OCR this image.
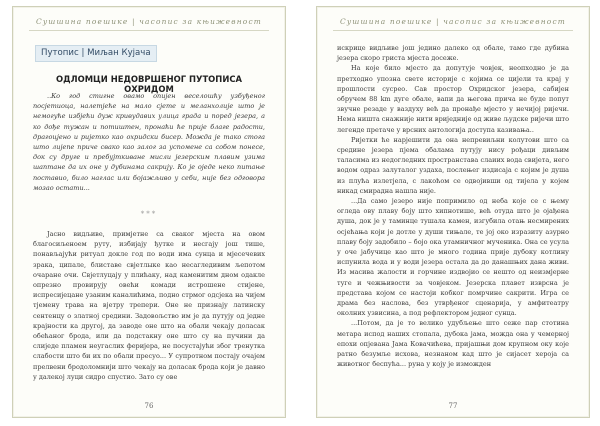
Сушшина поешике | часопис за књижевност
Путопис | Миљан Кујача
ОДЛОМЦИ НЕДОВРШЕНОГ ПУТОПИСА ОХРИДОМ

..Ко год стигне овамо опијен веселошћу узбуђеног посјетиоца, налетјеће на мало сјете и меланхолије што је немогуће избјећи дуж кривудавих улица града и поред језера, а ко дође тужан и потиштен, пронаћи ће прије благе радости, драгоцјено и ријетко као охридски бисер. Можда је тако стога што лијепе приче свако као залог за успомене са собом понесе, док су друге и пребујткиване мисли језерским плавим узима шаптане да их оне у дубинама сакрију. Ко је оједе неко питање поставио, било наглас или бојажљиво у себи, није без одговора мозао остати...

***

Јасно видљиве, примјетне са сваког мјеста на овом благосиљеноем руту, избијају ђутке и несгају још тише, понављајући ритуал докле год по води има сунца и мјесечевих зрака, ципале, блиставе свјетлыке као несагледивим љепотом очаране очи. Свјетлуцају у плићаку, над каменитим дном одакле опрезно провирују овећи комади истрошене стијене, испресијецане узаним каналићима, подно стрмог одсјека на чијем тјемену трава на вјетру трепери. Оне не признају латинску сентенцу о златној средини. Задовољство им је да путују од једне крајности ка другој, да заводе оне што на обали чекају доласак обећаног брода, или да подстакну оне што су на пучини да слиједе пламен неугаслих феријера, не посустајући због тренутка слабости што би их по обали пресуо... У супротном постају очајем прелвени бродоломнији што чекају на доласак брода који је давно у далекој луци сидро спустио. Зато су ове

76
Сушшина поешике | часопис за књижевност

искрице видљиве још једино далеко од обале, тамо где дубина језера скоро гриста мјеста досеже.

На које било мјесто да допутује човјек, неопходно је да претходно упозна свете историје с којима се цијели та крај у прошлости сусрео. Сав простор Охридског језера, сабијен обручем 88 km дуге обале, вапи да његова прича не буде попут звучне резаде у ваздуху већ да пронађе мјесто у нечијој ријечи. Нема ништа снажније нити вриједније од живе људске ријечи што легенде претаче у врсних антологија доступа казивања..

Ријетки ће нарјешити да она непревиљни колутови што са средине језера пјема обалама путују нису рођаци дивљим таласима из недогледних пространстава слаиих вода свијета, него водом одраз залуталог уздаха, послењег издисаја с којим је душа из плућа излетјела, с лакоћом се одвојивши од тијела у којем никад смирадна нашла није.

...Да само језеро није попримило од неба које се с њему огледа ову плаву боју што хипнотише, већ отуда што је ојађена душа, док је у таминце тушала камен, изгубила отањ несмирених осјећања који је дотле у души тињале, те јој око изразиту азурно плаву боју задобило – бојо ока утамничног мученика. Она се усула у оче јабучице као што је много година прије дубоку котлину испунила вода и у води језера остала да до данашњих дана живи. Из масива жалости и горчине издвојио се нешто од неизмјерне туге и чежњивости за човјеком. Језерска плавет изврсна је представа којом се настоји кобког помрчине сакрити. Игра се драма без наслова, без утврђеног сценарија, у амфитеатру околних узвисина, а под рефлектором једног сунца.

...Потом, да је то велико удубљење што сеже пар стотина метара испод наших стопала, дубока јама, можда она у чемерној епохи опјевана Јама Ковачићева, пријашњи дом крупном оку које ратно безумље исхова, незнаном кад што је сијасет хероја са животног беспућа... руна у коју је изможден

77
